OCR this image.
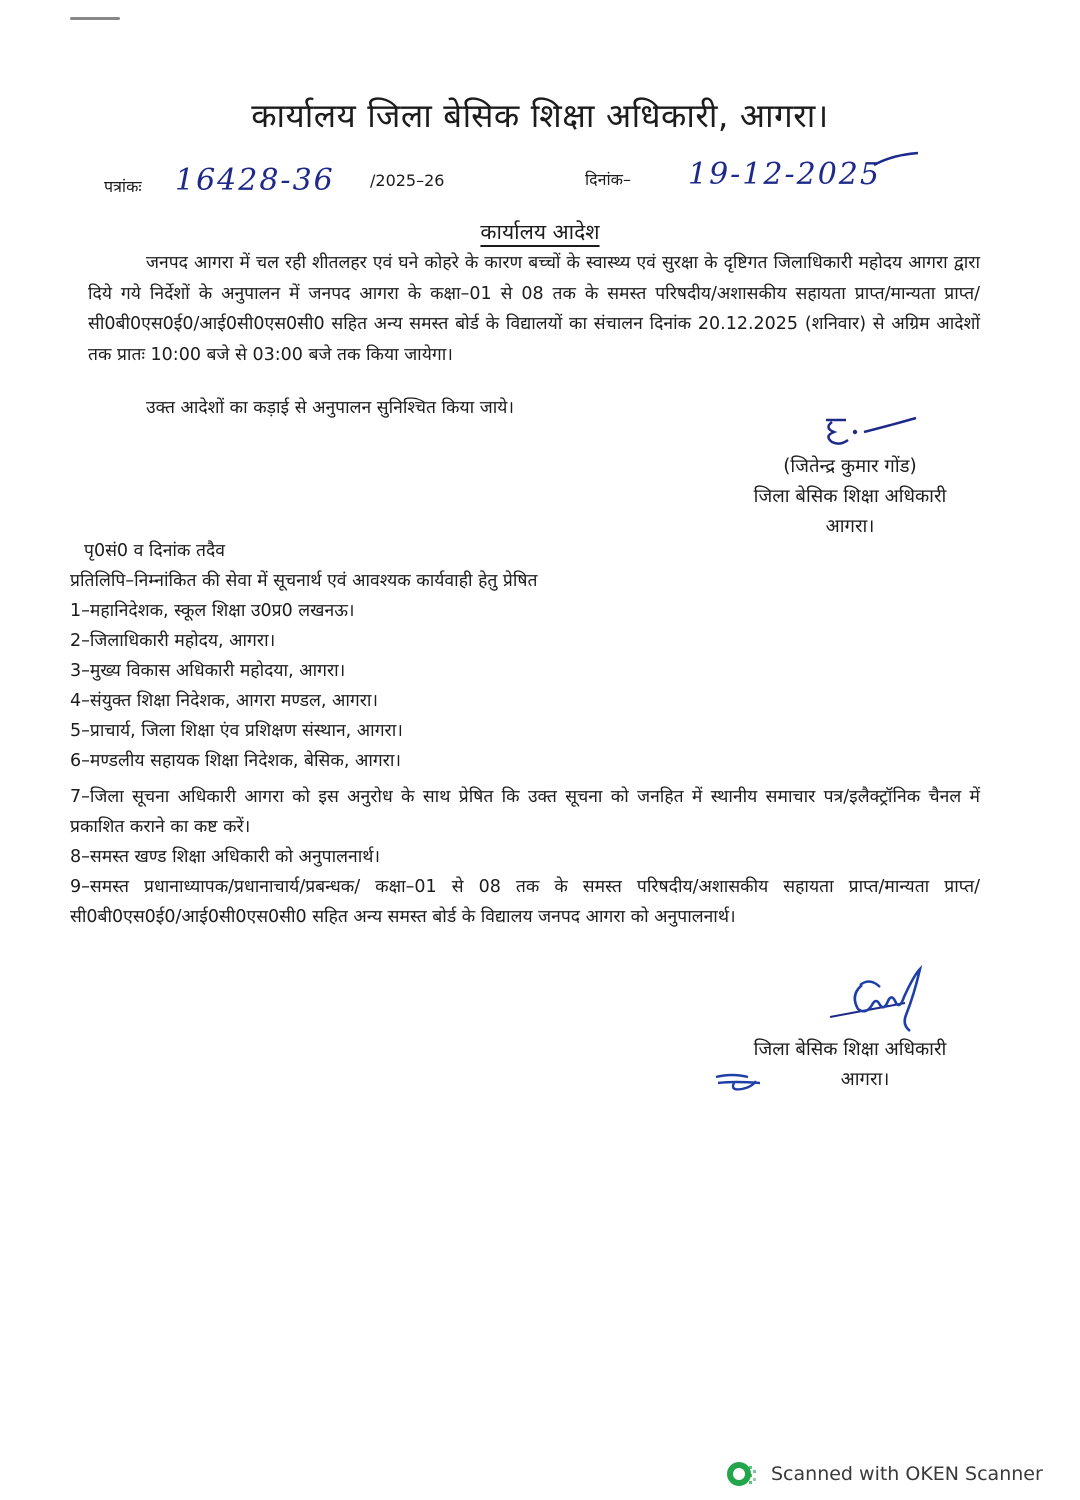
कार्यालय जिला बेसिक शिक्षा अधिकारी, आगरा।
पत्रांकः 16428-36 /2025–26	दिनांक– 19-12-2025
कार्यालय आदेश
जनपद आगरा में चल रही शीतलहर एवं घने कोहरे के कारण बच्चों के स्वास्थ्य एवं सुरक्षा के दृष्टिगत जिलाधिकारी महोदय आगरा द्वारा दिये गये निर्देशों के अनुपालन में जनपद आगरा के कक्षा–01 से 08 तक के समस्त परिषदीय/अशासकीय सहायता प्राप्त/मान्यता प्राप्त/सी0बी0एस0ई0/आई0सी0एस0सी0 सहित अन्य समस्त बोर्ड के विद्यालयों का संचालन दिनांक 20.12.2025 (शनिवार) से अग्रिम आदेशों तक प्रातः 10:00 बजे से 03:00 बजे तक किया जायेगा।
उक्त आदेशों का कड़ाई से अनुपालन सुनिश्चित किया जाये।
(जितेन्द्र कुमार गोंड)
जिला बेसिक शिक्षा अधिकारी
आगरा।
पृ0सं0 व दिनांक तदैव
प्रतिलिपि–निम्नांकित की सेवा में सूचनार्थ एवं आवश्यक कार्यवाही हेतु प्रेषित
1–महानिदेशक, स्कूल शिक्षा उ0प्र0 लखनऊ।
2–जिलाधिकारी महोदय, आगरा।
3–मुख्य विकास अधिकारी महोदया, आगरा।
4–संयुक्त शिक्षा निदेशक, आगरा मण्डल, आगरा।
5–प्राचार्य, जिला शिक्षा एंव प्रशिक्षण संस्थान, आगरा।
6–मण्डलीय सहायक शिक्षा निदेशक, बेसिक, आगरा।
7–जिला सूचना अधिकारी आगरा को इस अनुरोध के साथ प्रेषित कि उक्त सूचना को जनहित में स्थानीय समाचार पत्र/इलैक्ट्रॉनिक चैनल में प्रकाशित कराने का कष्ट करें।
8–समस्त खण्ड शिक्षा अधिकारी को अनुपालनार्थ।
9–समस्त प्रधानाध्यापक/प्रधानाचार्य/प्रबन्धक/ कक्षा–01 से 08 तक के समस्त परिषदीय/अशासकीय सहायता प्राप्त/मान्यता प्राप्त/सी0बी0एस0ई0/आई0सी0एस0सी0 सहित अन्य समस्त बोर्ड के विद्यालय जनपद आगरा को अनुपालनार्थ।
जिला बेसिक शिक्षा अधिकारी
आगरा।
Scanned with OKEN Scanner
